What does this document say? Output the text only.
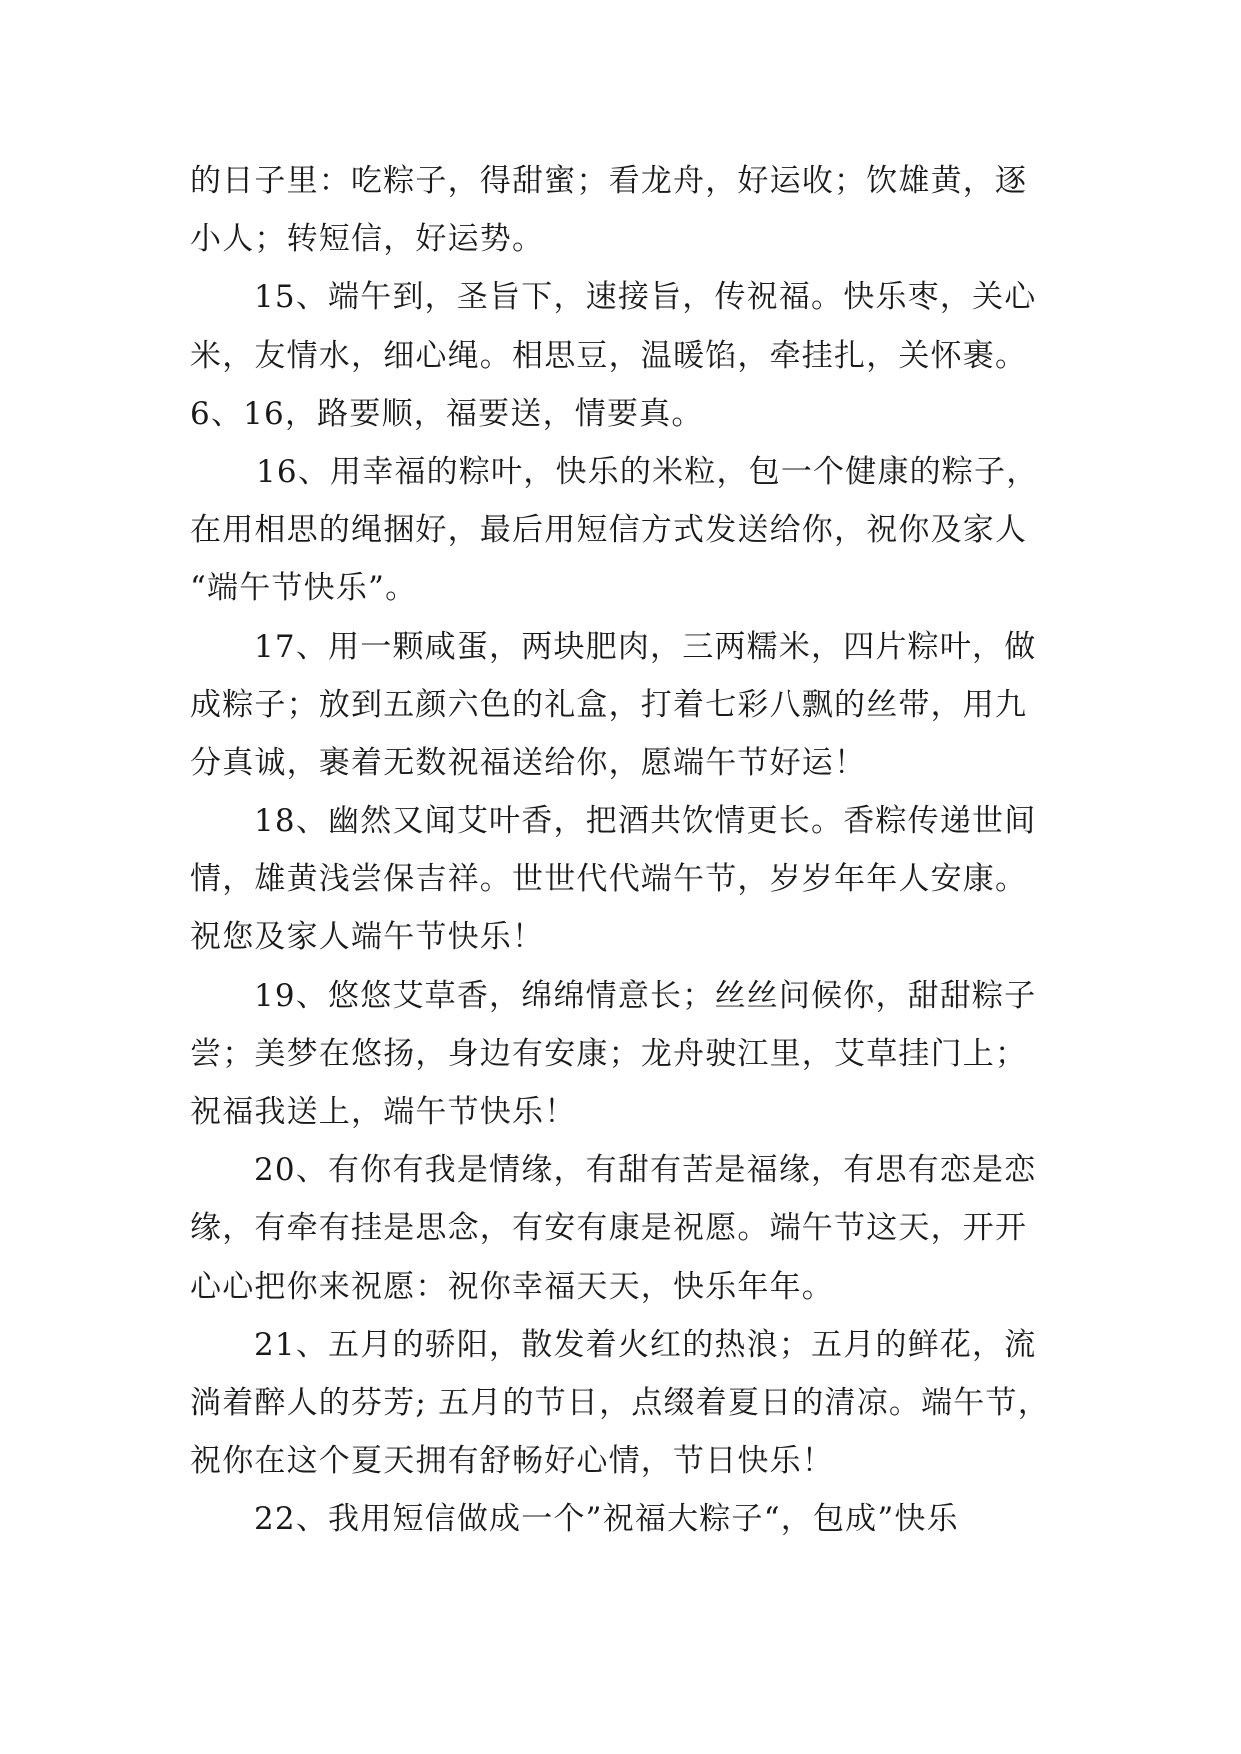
的日子里：吃粽子，得甜蜜；看龙舟，好运收；饮雄黄，逐
小人；转短信，好运势。
15、端午到，圣旨下，速接旨，传祝福。快乐枣，关心
米，友情水，细心绳。相思豆，温暖馅，牵挂扎，关怀裹。
6、16，路要顺，福要送，情要真。
16、用幸福的粽叶，快乐的米粒，包一个健康的粽子，
在用相思的绳捆好，最后用短信方式发送给你，祝你及家人
“端午节快乐”。
17、用一颗咸蛋，两块肥肉，三两糯米，四片粽叶，做
成粽子；放到五颜六色的礼盒，打着七彩八飘的丝带，用九
分真诚，裹着无数祝福送给你，愿端午节好运！
18、幽然又闻艾叶香，把酒共饮情更长。香粽传递世间
情，雄黄浅尝保吉祥。世世代代端午节，岁岁年年人安康。
祝您及家人端午节快乐！
19、悠悠艾草香，绵绵情意长；丝丝问候你，甜甜粽子
尝；美梦在悠扬，身边有安康；龙舟驶江里，艾草挂门上；
祝福我送上，端午节快乐！
20、有你有我是情缘，有甜有苦是福缘，有思有恋是恋
缘，有牵有挂是思念，有安有康是祝愿。端午节这天，开开
心心把你来祝愿：祝你幸福天天，快乐年年。
21、五月的骄阳，散发着火红的热浪；五月的鲜花，流
淌着醉人的芬芳; 五月的节日，点缀着夏日的清凉。端午节，
祝你在这个夏天拥有舒畅好心情，节日快乐！
22、我用短信做成一个”祝福大粽子“，包成”快乐
